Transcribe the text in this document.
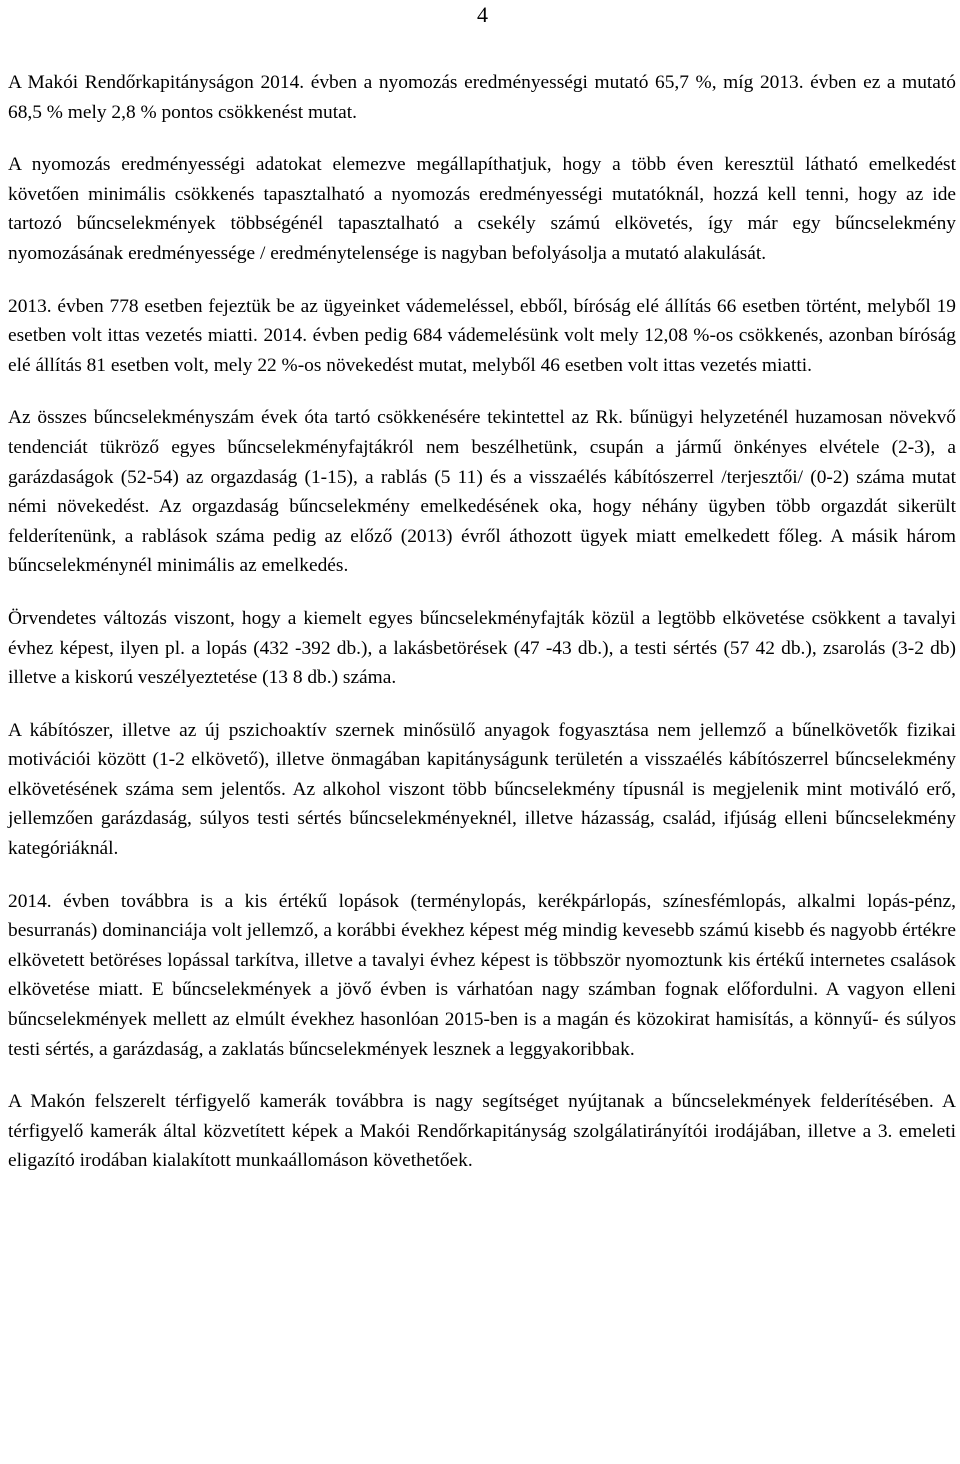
4

A Makói Rendőrkapitányságon 2014. évben a nyomozás eredményességi mutató 65,7 %, míg 2013. évben ez a mutató 68,5 % mely 2,8 % pontos csökkenést mutat.

A nyomozás eredményességi adatokat elemezve megállapíthatjuk, hogy a több éven keresztül látható emelkedést követően minimális csökkenés tapasztalható a nyomozás eredményességi mutatóknál, hozzá kell tenni, hogy az ide tartozó bűncselekmények többségénél tapasztalható a csekély számú elkövetés, így már egy bűncselekmény nyomozásának eredményessége / eredménytelensége is nagyban befolyásolja a mutató alakulását.

2013. évben 778 esetben fejeztük be az ügyeinket vádemeléssel, ebből, bíróság elé állítás 66 esetben történt, melyből 19 esetben volt ittas vezetés miatti. 2014. évben pedig 684 vádemelésünk volt mely 12,08 %-os csökkenés, azonban bíróság elé állítás 81 esetben volt, mely 22 %-os növekedést mutat, melyből 46 esetben volt ittas vezetés miatti.

Az összes bűncselekményszám évek óta tartó csökkenésére tekintettel az Rk. bűnügyi helyzeténél huzamosan növekvő tendenciát tükröző egyes bűncselekményfajtákról nem beszélhetünk, csupán a jármű önkényes elvétele (2-3), a garázdaságok (52-54) az orgazdaság (1-15), a rablás (5 11) és a visszaélés kábítószerrel /terjesztői/ (0-2) száma mutat némi növekedést. Az orgazdaság bűncselekmény emelkedésének oka, hogy néhány ügyben több orgazdát sikerült felderítenünk, a rablások száma pedig az előző (2013) évről áthozott ügyek miatt emelkedett főleg. A másik három bűncselekménynél minimális az emelkedés.

Örvendetes változás viszont, hogy a kiemelt egyes bűncselekményfajták közül a legtöbb elkövetése csökkent a tavalyi évhez képest, ilyen pl. a lopás (432 -392 db.), a lakásbetörések (47 -43 db.), a testi sértés (57 42 db.), zsarolás (3-2 db) illetve a kiskorú veszélyeztetése (13 8 db.) száma.

A kábítószer, illetve az új pszichoaktív szernek minősülő anyagok fogyasztása nem jellemző a bűnelkövetők fizikai motivációi között (1-2 elkövető), illetve önmagában kapitányságunk területén a visszaélés kábítószerrel bűncselekmény elkövetésének száma sem jelentős. Az alkohol viszont több bűncselekmény típusnál is megjelenik mint motiváló erő, jellemzően garázdaság, súlyos testi sértés bűncselekményeknél, illetve házasság, család, ifjúság elleni bűncselekmény kategóriáknál.

2014. évben továbbra is a kis értékű lopások (terménylopás, kerékpárlopás, színesfémlopás, alkalmi lopás-pénz, besurranás) dominanciája volt jellemző, a korábbi évekhez képest még mindig kevesebb számú kisebb és nagyobb értékre elkövetett betöréses lopással tarkítva, illetve a tavalyi évhez képest is többször nyomoztunk kis értékű internetes csalások elkövetése miatt. E bűncselekmények a jövő évben is várhatóan nagy számban fognak előfordulni. A vagyon elleni bűncselekmények mellett az elmúlt évekhez hasonlóan 2015-ben is a magán és közokirat hamisítás, a könnyű- és súlyos testi sértés, a garázdaság, a zaklatás bűncselekmények lesznek a leggyakoribbak.

A Makón felszerelt térfigyelő kamerák továbbra is nagy segítséget nyújtanak a bűncselekmények felderítésében. A térfigyelő kamerák által közvetített képek a Makói Rendőrkapitányság szolgálatirányítói irodájában, illetve a 3. emeleti eligazító irodában kialakított munkaállomáson követhetőek.
